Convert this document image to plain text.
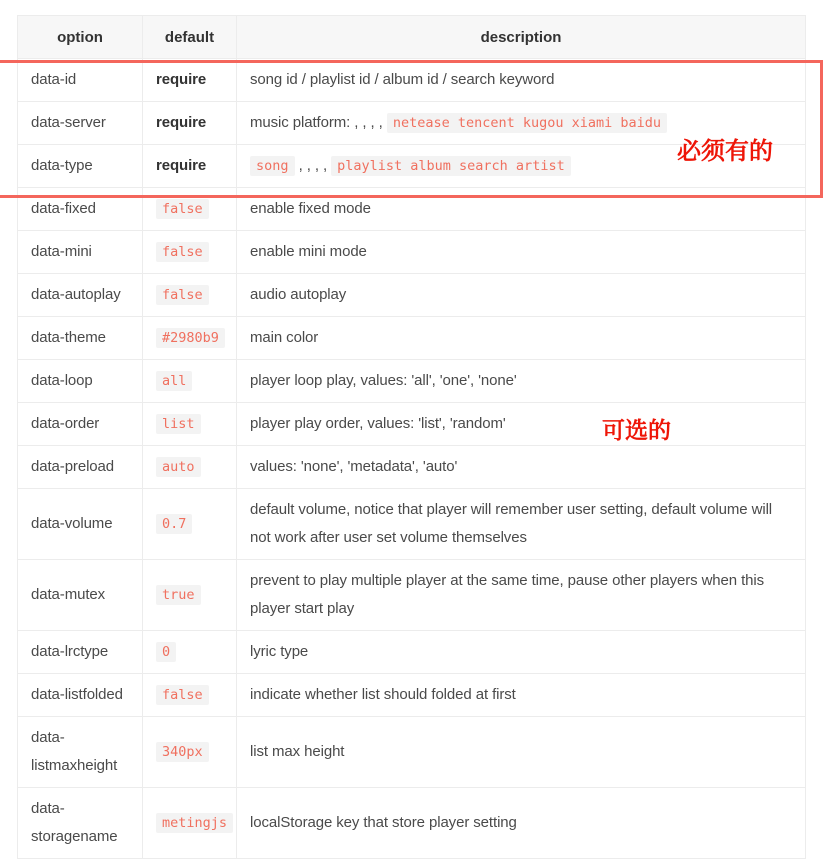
option	default	description
data-id	require	song id / playlist id / album id / search keyword
data-server	require	music platform: , , , , netease tencent kugou xiami baidu
data-type	require	song , , , , playlist album search artist
data-fixed	false	enable fixed mode
data-mini	false	enable mini mode
data-autoplay	false	audio autoplay
data-theme	#2980b9	main color
data-loop	all	player loop play, values: 'all', 'one', 'none'
data-order	list	player play order, values: 'list', 'random'
data-preload	auto	values: 'none', 'metadata', 'auto'
data-volume	0.7	default volume, notice that player will remember user setting, default volume will not work after user set volume themselves
data-mutex	true	prevent to play multiple player at the same time, pause other players when this player start play
data-lrctype	0	lyric type
data-listfolded	false	indicate whether list should folded at first
data-listmaxheight	340px	list max height
data-storagename	metingjs	localStorage key that store player setting
必须有的
可选的
